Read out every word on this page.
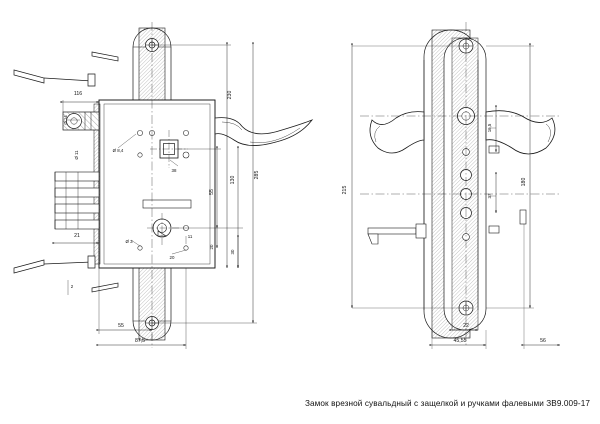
116
Ø 14
Ø 11	Ø 8,4
38
230
285
130
55
21
Ø 3
11
20
20
30
2
55
87,5
16,5
215
37
180
22
45,55	56
Замок врезной сувальдный с защелкой и ручками фалевыми ЗВ9.009-17
